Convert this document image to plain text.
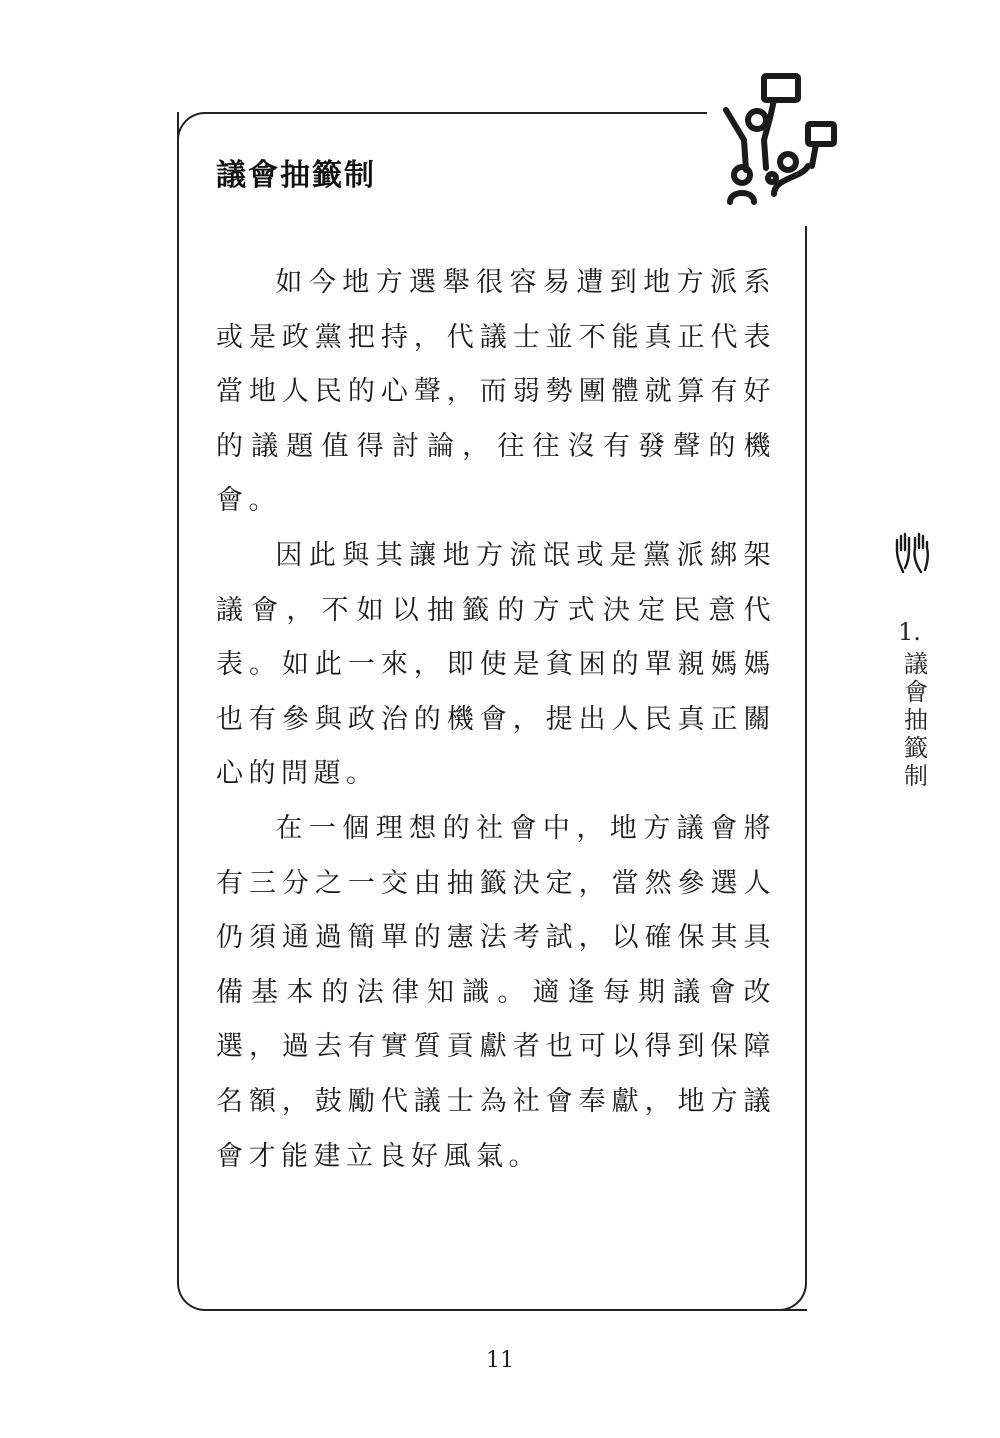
議會抽籤制

如今地方選舉很容易遭到地方派系或是政黨把持，代議士並不能真正代表當地人民的心聲，而弱勢團體就算有好的議題值得討論，往往沒有發聲的機會。

因此與其讓地方流氓或是黨派綁架議會，不如以抽籤的方式決定民意代表。如此一來，即使是貧困的單親媽媽也有參與政治的機會，提出人民真正關心的問題。

在一個理想的社會中，地方議會將有三分之一交由抽籤決定，當然參選人仍須通過簡單的憲法考試，以確保其具備基本的法律知識。適逢每期議會改選，過去有實質貢獻者也可以得到保障名額，鼓勵代議士為社會奉獻，地方議會才能建立良好風氣。

1.
議會抽籤制
11
